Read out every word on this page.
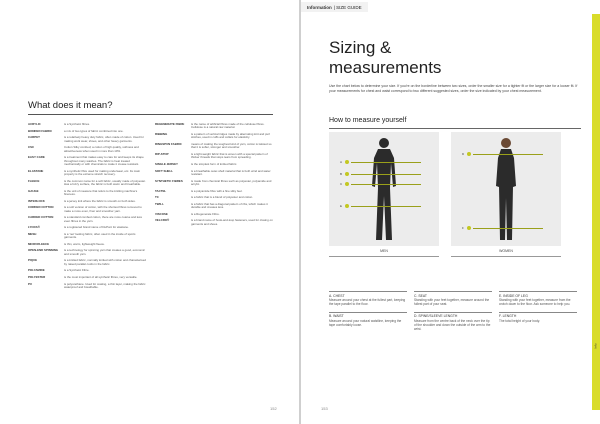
What does it mean?
ACRYLIC	is a Synthetic fibres.
BONDED FABRIC	a mix of two types of fabric combined into one.
CARPET	is a relatively heavy duty fabric, often made of cotton. Used for making work wear, shoes, and other heavy garments.
CSC	Cotton Silky combed; a cotton of high quality, softness and attractiveness when used in more than 10%.
EASY CARE	is a treatment that makes easy to care for and keeps its shape throughout many washes. The fabric is heat treated mechanically or with chemicals to make it crease resistant.
ELASTANE	is a synthetic fibre used for making underwear, etc. Its main property is the extreme stretch recovery.
FLEECE	is the common name for a soft fabric, usually made of polyester. Has a fuzzy surface, the fabric is both warm and breathable.
GAUGE	is the unit of measure that refers to the knitting machine's fineness.
INTERLOCK	is a jersey knit where the fabric is smooth on both sides.
CORDED COTTON	is a soft version of cotton, with the shortest fibres removed to make a more even, finer and smoother yarn.
CARDED COTTON	is a standard combed cotton, there are more coarse and less even fibres in the yarn.
LYCRA®	is a registered brand name of DuPont for elastane.
MESH	is a 'net' looking fabric, often used in the inside of sports garments.
MICROFLEECE	is thin, warm, lightweight fleece.
OPEN-END SPINNING	is a technology for spinning yarn that creates a good, economic and smooth yarn.
PIQUE	is a knitted fabric, normally knitted with cotton and characterised by raised parallel cords in the fabric.
POLYAMIDE	is a Synthetic Fibre.
POLYESTER	is the most important of all synthetic fibres, very versatile.
PU	is polyurethane. Used for coating, a thin layer, making the fabric waterproof and breathable.
REGENERATE FIBRE	is the name of artificial fibres made of the cellulose fibres. Cellulose is a natural raw material.
RIBBING	is a pattern of vertical ridges made by alternating knit and purl stitches, used in cuffs and collars for elasticity.
RINGSPUN FABRIC	means of making the toughest kind of yarn, cotton is twisted so that it is softer, stronger and smoother.
RIP-STOP	is a light-weight fabric that is woven with a special pattern of thicker threads that stops tears from spreading.
SINGLE JERSEY	is the simplest form of knitted fabric.
SOFT SHELL	is a breathable outer-shell material that is both wind and water resistant.
SYNTHETIC FIBRES	is made from chemical fibres such as polyester, polyamide and acrylic.
TACTEL	is a polyamide fibre with a fine silky feel.
TC	is a fabric that is a blend of polyester and cotton.
TWILL	is a fabric that has a diagonal pattern of ribs, which makes it durable and creases less.
VISCOSE	is a Regenerate Fibre.
VELCRO®	is a brand name of hook-and-loop fasteners, used for closing on garments and shoes.
152
Information | SIZE GUIDE
Info
Sizing &
measurements
Use the chart below to determine your size. If you're on the borderline between two sizes, order the smaller size for a tighter fit or the larger size for a looser fit. If your measurements for chest and waist correspond to two different suggested sizes, order the size indicated by your chest measurement.
How to measure yourself
A
B
C
E
D
F
MEN	WOMEN
A. CHEST
Measure around your chest at the fullest part, keeping the tape parallel to the floor.
B. WAIST
Measure around your natural waistline, keeping the tape comfortably loose.
C. SEAT
Standing with your feet together, measure around the fullest part of your seat.
D. SPINE/SLEEVE LENGTH
Measure from the centre back of the neck over the tip of the shoulder and down the outside of the arm to the wrist.
E. INSIDE OF LEG
Standing with your feet together, measure from the crotch down to the floor. Ask someone to help you.
F. LENGTH
The total height of your body.
153
